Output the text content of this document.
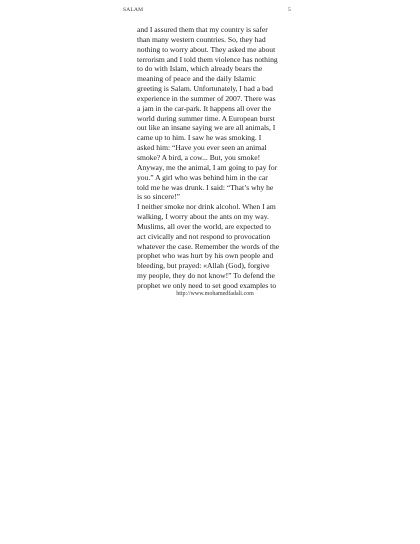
SALAM	5
and I assured them that my country is safer
than many western countries. So, they had
nothing to worry about. They asked me about
terrorism and I told them violence has nothing
to do with Islam, which already bears the
meaning of peace and the daily Islamic
greeting is Salam. Unfortunately, I had a bad
experience in the summer of 2007. There was
a jam in the car-park. It happens all over the
world during summer time. A European burst
out like an insane saying we are all animals, I
came up to him. I saw he was smoking. I
asked him: “Have you ever seen an animal
smoke? A bird, a cow... But, you smoke!
Anyway, me the animal, I am going to pay for
you.” A girl who was behind him in the car
told me he was drunk. I said: “That’s why he
is so sincere!”
I neither smoke nor drink alcohol. When I am
walking, I worry about the ants on my way.
Muslims, all over the world, are expected to
act civically and not respond to provocation
whatever the case. Remember the words of the
prophet who was hurt by his own people and
bleeding, but prayed: «Allah (God), forgive
my people, they do not know!” To defend the
prophet we only need to set good examples to
http://www.mohamedfadali.com
